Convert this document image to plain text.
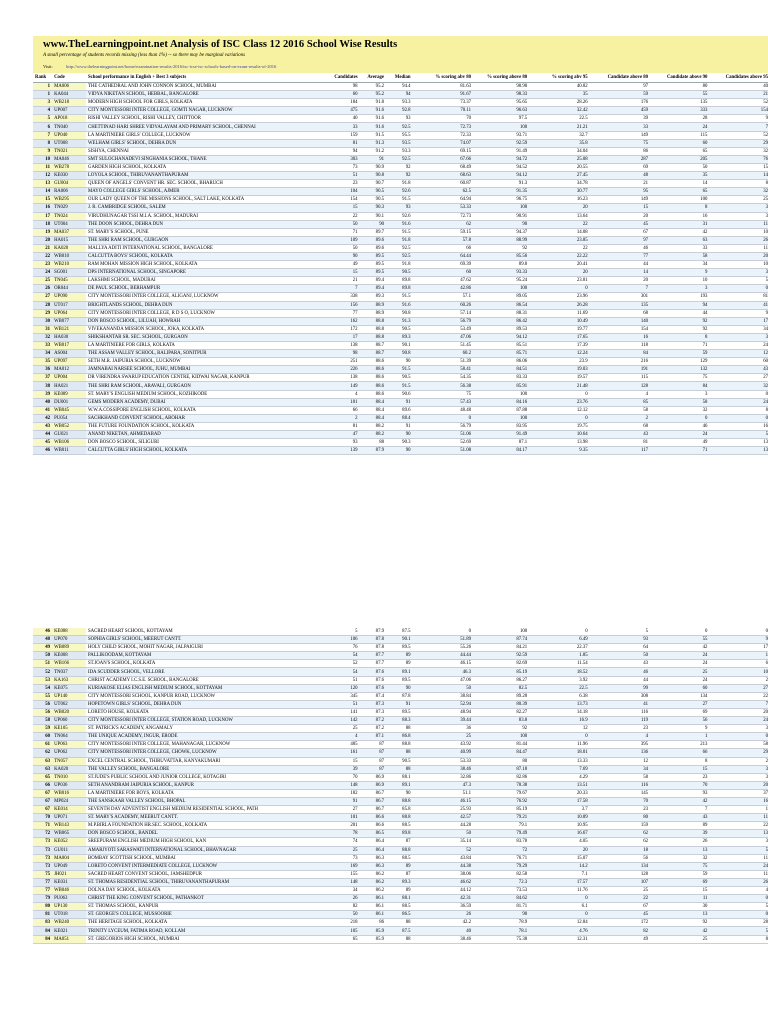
www.TheLearningpoint.net Analysis of ISC Class 12 2016 School Wise Results
A small percentage of students records missing (less than 1%) -- so there may be marginal variations
Visit:	http://www.thelearningpoint.net/home/examination-results-2016/isc-icse-isc-schools-based-on-exam-results-of-2016
Rank	Code	School performance in English + Best 3 subjects	Candidates	Average	Median	% scoring abv 80	% scoring above 80	% scoring abv 95	Candidate above 80	Candidate above 90	Candidates above 95
1	MA006	THE CATHEDRAL AND JOHN CONNON SCHOOL, MUMBAI	98	95.2	94.4	81.63	98.98	40.82	97	80	40
1	KA044	VIDYA NIKETAN SCHOOL, HEBBAL, BANGALORE	60	95.2	94	91.67	98.33	35	59	55	21
3	WB218	MODERN HIGH SCHOOL FOR GIRLS, KOLKATA	184	91.8	93.3	73.37	95.65	28.26	176	135	52
4	UP007	CITY MONTESSORI INTER COLLEGE, GOMTI NAGAR, LUCKNOW	475	91.6	92.8	70.11	96.63	32.42	459	333	154
5	AP018	RISHI VALLEY SCHOOL, RISHI VALLEY, CHITTOOR	40	91.6	93	70	97.5	22.5	39	28	9
6	TN040	CHETTINAD HARI SHREE VIDYALAYAM AND PRIMARY SCHOOL, CHENNAI	33	91.6	92.5	72.73	100	21.21	33	24	7
7	UP040	LA MARTINIERE GIRLS' COLLEGE, LUCKNOW	159	91.5	95.5	72.33	93.71	32.7	149	115	52
8	UT008	WELHAM GIRLS' SCHOOL, DEHRA DUN	81	91.3	93.5	74.07	92.59	35.8	75	60	29
9	TN021	SISHYA, CHENNAI	94	91.2	93.3	69.15	91.49	34.04	86	65	32
10	MA046	SMT SULOCHANADEVI SINGHANIA SCHOOL, THANE	303	91	92.5	67.66	94.72	25.08	287	205	76
11	WB278	GARDEN HIGH SCHOOL, KOLKATA	73	90.9	92	68.49	94.52	20.55	69	50	15
12	KE030	LOYOLA SCHOOL, THIRUVANANTHAPURAM	51	90.8	92	68.63	94.12	27.45	48	35	14
13	GU004	QUEEN OF ANGELS' CONVENT HR. SEC. SCHOOL, BHARUCH	23	90.7	91.8	60.87	91.3	34.78	21	14	8
14	RA006	MAYO COLLEGE GIRLS' SCHOOL, AJMER	104	90.5	92.6	62.5	91.35	30.77	95	65	32
15	WB295	OUR LADY QUEEN OF THE MISSIONS SCHOOL, SALT LAKE, KOLKATA	154	90.5	91.5	64.94	96.75	16.23	149	100	25
16	TN029	J. R. CAMBRIDGE SCHOOL, SALEM	15	90.3	93	53.33	100	20	15	8	3
17	TN024	VIRUDHUNAGAR TSSI M.I.A. SCHOOL, MADURAI	22	90.1	92.6	72.73	90.91	13.64	20	16	3
18	UT004	THE DOON SCHOOL, DEHRA DUN	50	90	91.6	62	90	22	45	31	11
19	MA037	ST. MARY'S SCHOOL, PUNE	71	89.7	91.5	59.15	94.37	14.08	67	42	10
20	HA015	THE SHRI RAM SCHOOL, GURGAON	109	89.6	91.8	57.8	88.99	23.85	97	63	26
21	KA020	MALLYA ADITI INTERNATIONAL SCHOOL, BANGALORE	50	89.6	92.5	66	92	22	46	33	11
22	WB010	CALCUTTA BOYS' SCHOOL, KOLKATA	90	89.5	92.5	64.44	85.56	22.22	77	58	20
23	WB210	RAM MOHAN MISSION HIGH SCHOOL, KOLKATA	49	89.5	91.8	69.39	89.8	20.41	44	34	10
24	SG001	DPS INTERNATIONAL SCHOOL, SINGAPORE	15	89.5	90.5	60	93.33	20	14	9	3
25	TN045	LAKSHMI SCHOOL, MADURAI	21	89.4	89.8	47.62	95.24	23.81	20	10	5
26	OR044	DE PAUL SCHOOL, BERHAMPUR	7	89.4	89.8	42.86	100	0	7	3	0
27	UP090	CITY MONTESSORI INTER COLLEGE, ALIGANJ, LUCKNOW	338	89.3	91.5	57.1	89.05	23.96	301	193	81
28	UT017	BRIGHTLANDS SCHOOL, DEHRA DUN	156	88.9	91.6	60.26	86.54	26.28	135	94	41
29	UP064	CITY MONTESSORI INTER COLLEGE, R D S O, LUCKNOW	77	88.9	90.8	57.14	88.31	11.69	68	44	9
30	WB077	DON BOSCO SCHOOL, LILUAH, HOWRAH	162	88.8	91.3	56.79	86.42	10.49	140	92	17
31	WB121	VIVEKANANDA MISSION SCHOOL, JOKA, KOLKATA	172	88.8	90.5	53.49	89.53	19.77	154	92	34
32	HA030	SHIKSHANTAR SR. SEC. SCHOOL, GURGAON	17	88.8	89.3	47.06	94.12	17.65	16	8	3
33	WB017	LA MARTINIERE FOR GIRLS, KOLKATA	138	88.7	90.1	51.45	85.51	17.39	118	71	24
34	AS004	THE ASSAM VALLEY SCHOOL, BALIPARA, SONITPUR	98	88.7	90.8	60.2	85.71	12.24	84	59	12
35	UP097	SETH M.R. JAIPURIA SCHOOL, LUCKNOW	251	88.6	90	51.39	86.06	23.9	216	129	60
36	MA012	JAMNABAI NARSEE SCHOOL, JUHU, MUMBAI	226	88.6	91.5	58.41	84.51	19.03	191	132	43
37	UP004	DR VIRENDRA SWARUP EDUCATION CENTRE, KIDWAI NAGAR, KANPUR	138	88.6	90.5	54.35	83.33	19.57	115	75	27
38	HA021	THE SHRI RAM SCHOOL, ARAVALI, GURGAON	149	88.6	91.5	56.38	85.91	21.48	128	84	32
39	KE089	ST. MARY'S ENGLISH MEDIUM SCHOOL, KOZHIKODE	4	88.6	90.6	75	100	0	4	3	0
40	DU001	GEMS MODERN ACADEMY, DUBAI	101	88.4	91	57.43	84.16	23.76	85	58	24
41	WB045	W.W.A.COSSIPORE ENGLISH SCHOOL, KOLKATA	66	88.4	89.6	48.48	87.88	12.12	58	32	8
42	PU054	SACHKHAND CONVENT SCHOOL, ABOHAR	2	88.4	88.4	0	100	0	2	0	0
43	WB052	THE FUTURE FOUNDATION SCHOOL, KOLKATA	81	88.2	91	56.79	83.95	19.75	68	46	16
44	GU021	ANAND NIKETAN, AHMEDABAD	47	88.2	90	51.06	91.49	10.64	43	24	5
45	WB106	DON BOSCO SCHOOL, SILIGURI	93	88	90.3	52.69	87.1	13.98	81	49	13
46	WB011	CALCUTTA GIRLS' HIGH SCHOOL, KOLKATA	139	87.9	90	51.08	84.17	9.35	117	71	13
46	KE088	SACRED HEART SCHOOL, KOTTAYAM	5	87.9	87.5	0	100	0	5	0	0
48	UP070	SOPHIA GIRLS' SCHOOL, MEERUT CANTT.	106	87.8	90.1	51.89	87.74	6.49	93	55	9
49	WB089	HOLY CHILD SCHOOL, MOHIT NAGAR, JALPAIGURI	76	87.8	89.5	55.26	84.21	22.37	64	42	17
50	KE008	PALLIKOODAM, KOTTAYAM	54	87.7	89	44.44	92.59	1.85	50	24	1
51	WB166	ST.JOAN'S SCHOOL, KOLKATA	52	87.7	89	46.15	82.69	11.54	43	24	6
52	TN037	IDA SCUDDER SCHOOL, VELLORE	54	87.6	89.1	46.3	85.19	18.52	46	25	10
53	KA163	CHRIST ACADEMY I.C.S.E. SCHOOL, BANGALORE	51	87.6	89.5	47.06	86.27	3.92	44	24	2
54	KE075	KURIAKOSE ELIAS ENGLISH MEDIUM SCHOOL, KOTTAYAM	120	87.6	90	50	82.5	22.5	99	60	27
55	UP140	CITY MONTESSORI SCHOOL, KANPUR ROAD, LUCKNOW	345	87.4	87.8	38.84	89.28	6.38	308	134	22
56	UT062	HOPETOWN GIRLS' SCHOOL, DEHRA DUN	51	87.3	91	52.94	80.39	13.73	41	27	7
56	WB020	LORETO HOUSE, KOLKATA	141	87.3	89.5	48.94	82.27	14.18	116	69	20
58	UP060	CITY MONTESSORI INTER COLLEGE, STATION ROAD, LUCKNOW	142	87.2	88.3	39.44	83.8	16.9	119	56	24
59	KE105	ST. PATRICK'S ACADEMY, ANGAMALY	25	87.2	88	36	92	12	23	9	3
60	TN064	THE UNIQUE ACADEMY, INGUR, ERODE	4	87.1	86.8	25	100	0	4	1	0
61	UP063	CITY MONTESSORI INTER COLLEGE, MAHANAGAR, LUCKNOW	485	87	88.8	43.92	81.44	11.96	395	213	58
62	UP062	CITY MONTESSORI INTER COLLEGE, CHOWK, LUCKNOW	161	87	88	40.99	84.47	18.01	136	66	29
63	TN057	EXCEL CENTRAL SCHOOL, THIRUVATTAR, KANYAKUMARI	15	87	90.5	53.33	80	13.33	12	8	2
63	KA020	THE VALLEY SCHOOL, BANGALORE	39	87	88	38.46	87.18	7.69	34	15	3
65	TN010	ST.JUDE'S PUBLIC SCHOOL AND JUNIOR COLLEGE, KOTAGIRI	70	86.9	88.1	32.86	82.86	4.29	58	23	3
66	UP036	SETH ANANDRAM JAIPURIA SCHOOL, KANPUR	148	86.9	89.1	47.3	78.38	13.51	116	70	20
67	WB016	LA MARTINIERE FOR BOYS, KOLKATA	182	86.7	90	51.1	79.67	20.33	145	93	37
67	MP024	THE SANSKAAR VALLEY SCHOOL, BHOPAL	91	86.7	88.8	46.15	76.92	17.58	70	42	16
67	KE014	SEVENTH DAY ADVENTIST ENGLISH MEDIUM RESIDENTIAL SCHOOL, PATH	27	86.7	85.8	25.93	85.19	3.7	23	7	1
70	UP071	ST. MARY'S ACADEMY, MEERUT CANTT.	101	86.6	88.8	42.57	79.21	10.89	80	43	11
71	WB143	M.P.BIRLA FOUNDATION HR.SEC. SCHOOL, KOLKATA	201	86.6	88.5	44.28	79.1	10.95	159	89	22
72	WB065	DON BOSCO SCHOOL, BANDEL	78	86.5	89.8	50	79.49	16.67	62	39	13
73	KE052	SREEPURAM ENGLISH MEDIUM HIGH SCHOOL, KAN	74	86.4	87	35.14	83.78	4.05	62	26	3
73	GU011	AMARJYOTI SARASWATI INTERNATIONAL SCHOOL, BHAVNAGAR	25	86.4	88.8	52	72	20	18	13	5
73	MA004	BOMBAY SCOTTISH SCHOOL, MUMBAI	73	86.3	88.5	43.84	76.71	15.07	56	32	11
73	UP049	LORETO CONVENT INTERMEDIATE COLLEGE, LUCKNOW	169	86.3	89	44.38	79.29	14.2	134	75	24
75	JH021	SACRED HEART CONVENT SCHOOL, JAMSHEDPUR	155	86.2	87	38.06	82.58	7.1	128	59	11
77	KE031	ST. THOMAS RESIDENTIAL SCHOOL, THIRUVANANTHAPURAM	148	86.2	89.3	46.62	72.3	17.57	107	69	26
77	WB046	DOLNA DAY SCHOOL, KOLKATA	34	86.2	89	44.12	73.53	11.76	25	15	4
79	PU063	CHRIST THE KING CONVENT SCHOOL, PATHANKOT	26	86.1	88.1	42.31	84.62	0	22	11	0
80	UP130	ST. THOMAS SCHOOL, KANPUR	82	86.1	88.5	36.59	81.71	6.1	67	30	5
81	UT018	ST. GEORGE'S COLLEGE, MUSSOORIE	50	86.1	86.5	26	90	0	45	13	0
83	WB240	THE HERITAGE SCHOOL, KOLKATA	218	86	88	42.2	78.9	12.84	172	92	28
84	KE021	TRINITY LYCEUM, FATIMA ROAD, KOLLAM	105	85.9	87.5	40	78.1	4.76	82	42	5
84	MA051	ST. GREGORIOS HIGH SCHOOL, MUMBAI	65	85.9	88	38.46	75.38	12.31	49	25	8
